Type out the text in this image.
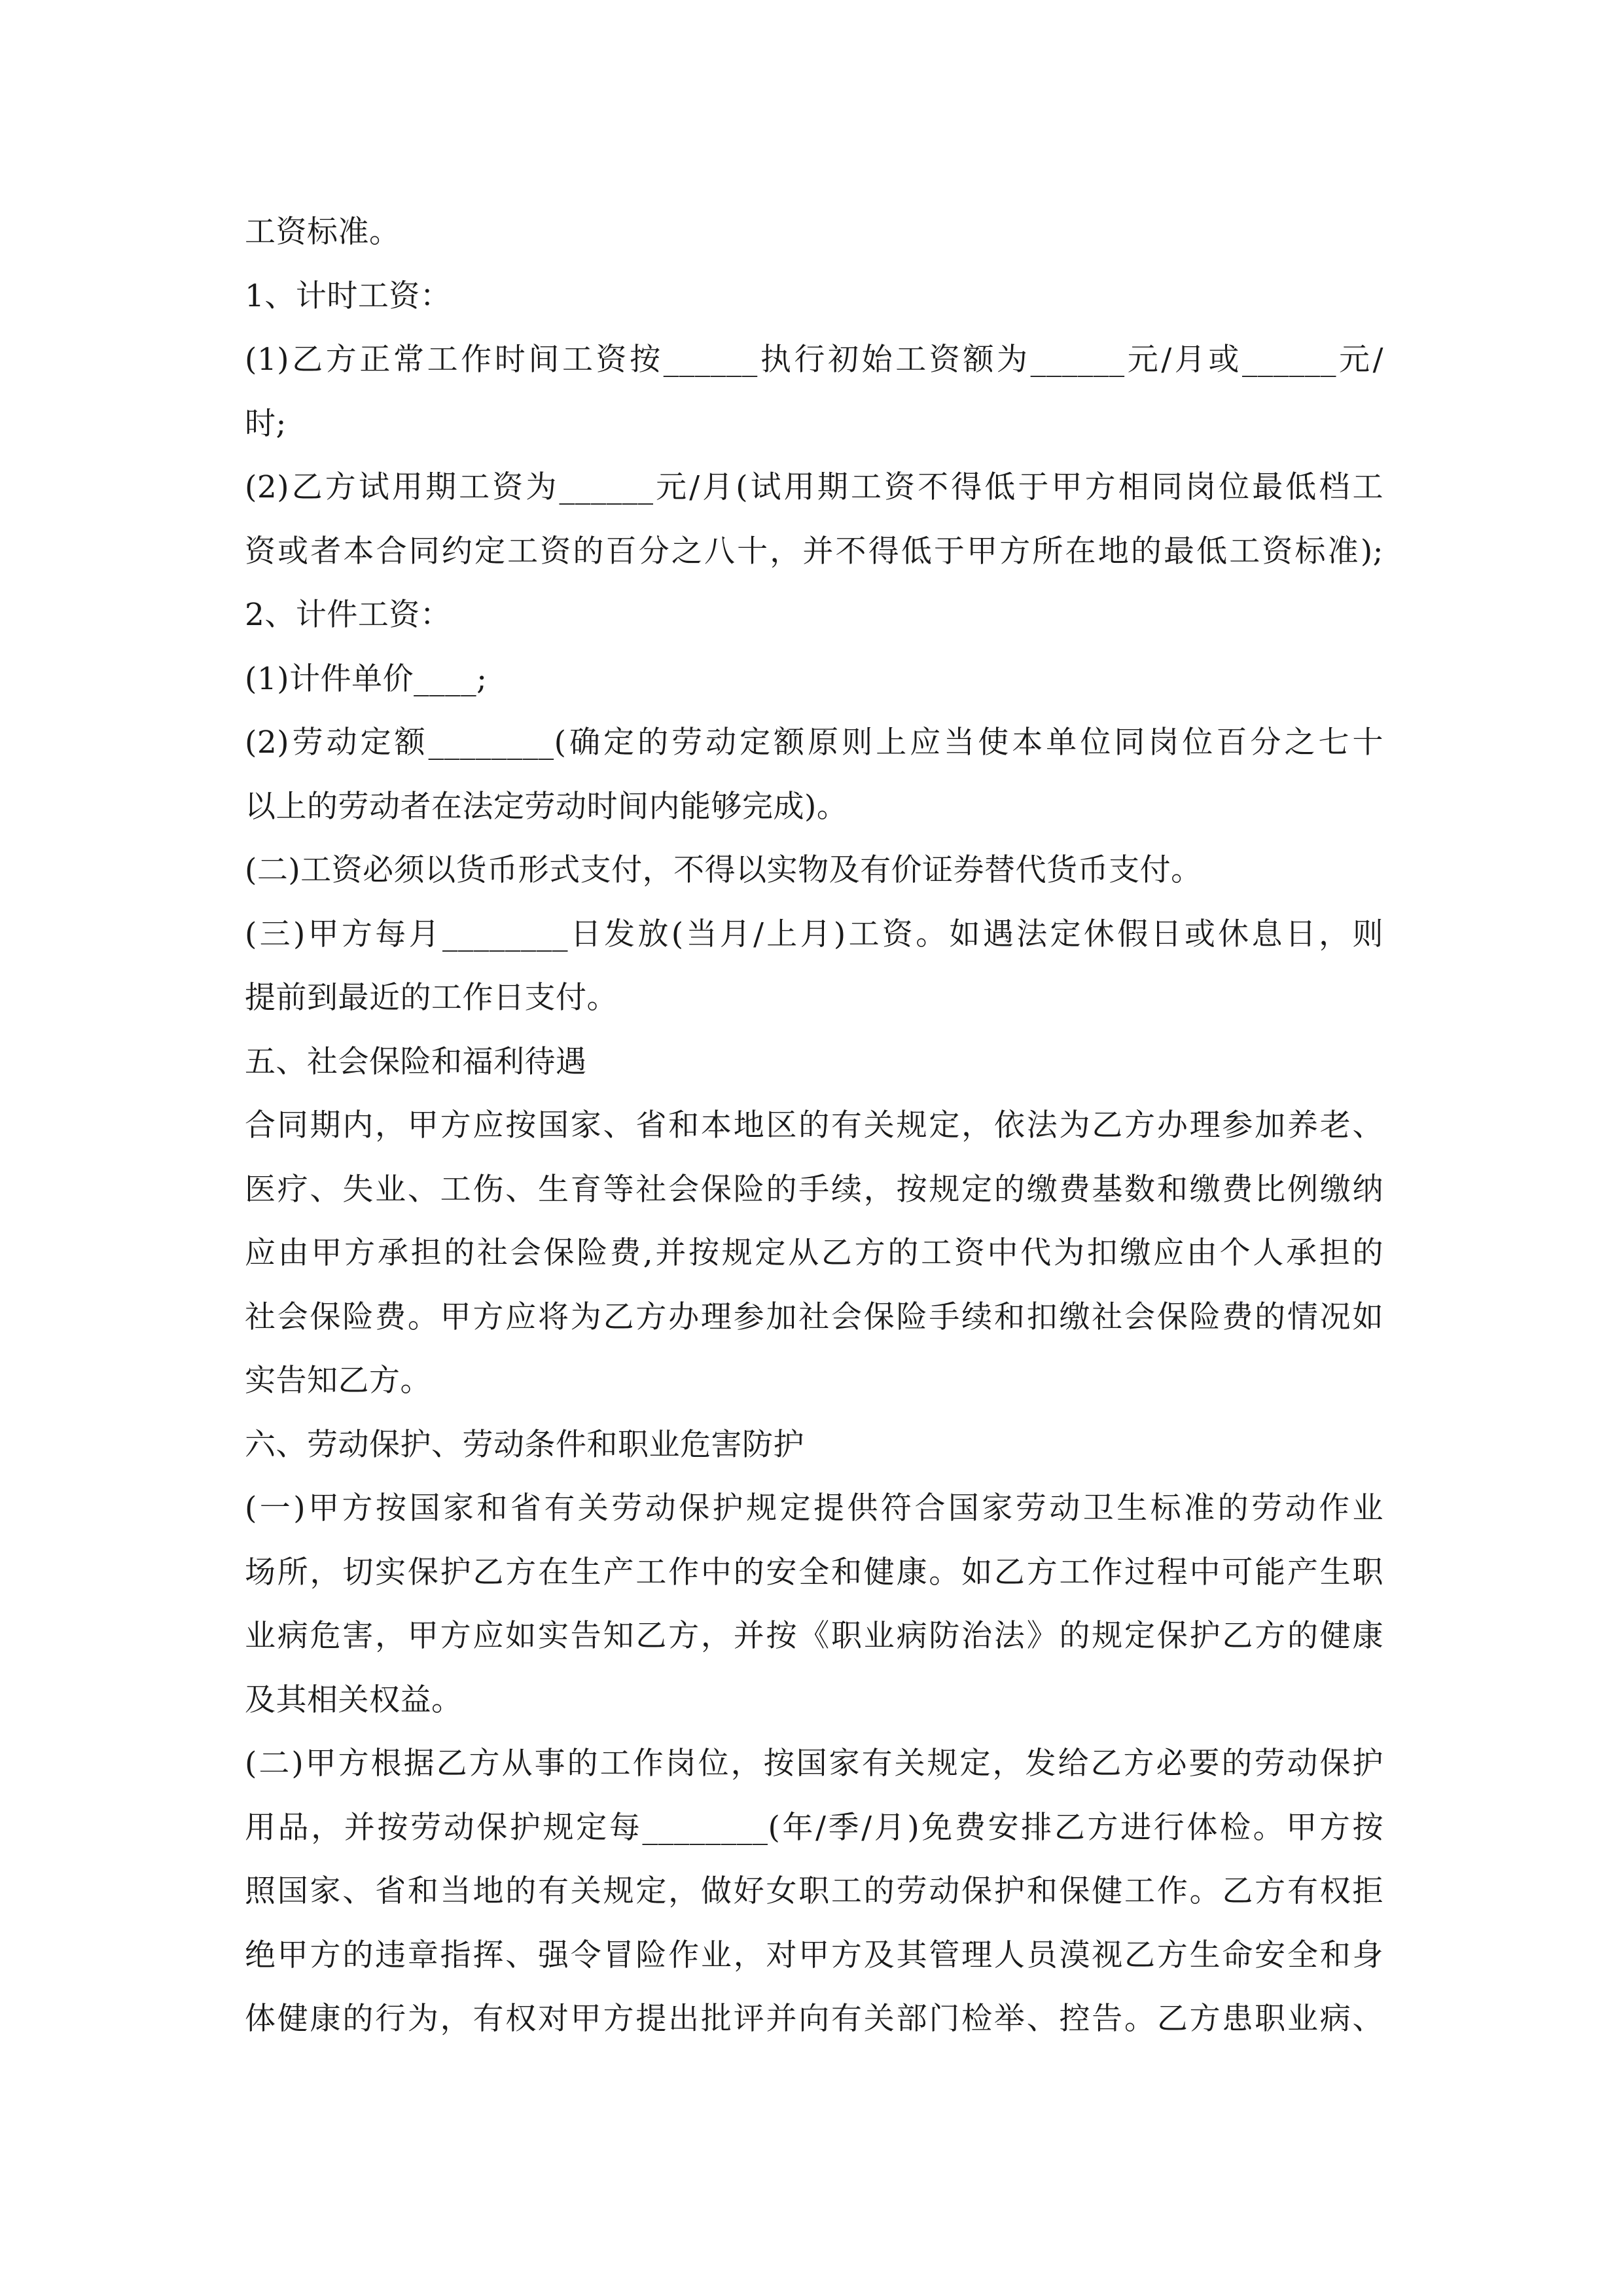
工资标准。
1、计时工资：
(1)乙方正常工作时间工资按______执行初始工资额为______元/月或______元/
时;
(2)乙方试用期工资为______元/月(试用期工资不得低于甲方相同岗位最低档工
资或者本合同约定工资的百分之八十，并不得低于甲方所在地的最低工资标准);
2、计件工资：
(1)计件单价____;
(2)劳动定额________(确定的劳动定额原则上应当使本单位同岗位百分之七十
以上的劳动者在法定劳动时间内能够完成)。
(二)工资必须以货币形式支付，不得以实物及有价证券替代货币支付。
(三)甲方每月________日发放(当月/上月)工资。如遇法定休假日或休息日，则
提前到最近的工作日支付。
五、社会保险和福利待遇
合同期内，甲方应按国家、省和本地区的有关规定，依法为乙方办理参加养老、
医疗、失业、工伤、生育等社会保险的手续，按规定的缴费基数和缴费比例缴纳
应由甲方承担的社会保险费,并按规定从乙方的工资中代为扣缴应由个人承担的
社会保险费。甲方应将为乙方办理参加社会保险手续和扣缴社会保险费的情况如
实告知乙方。
六、劳动保护、劳动条件和职业危害防护
(一)甲方按国家和省有关劳动保护规定提供符合国家劳动卫生标准的劳动作业
场所，切实保护乙方在生产工作中的安全和健康。如乙方工作过程中可能产生职
业病危害，甲方应如实告知乙方，并按《职业病防治法》的规定保护乙方的健康
及其相关权益。
(二)甲方根据乙方从事的工作岗位，按国家有关规定，发给乙方必要的劳动保护
用品，并按劳动保护规定每________(年/季/月)免费安排乙方进行体检。甲方按
照国家、省和当地的有关规定，做好女职工的劳动保护和保健工作。乙方有权拒
绝甲方的违章指挥、强令冒险作业，对甲方及其管理人员漠视乙方生命安全和身
体健康的行为，有权对甲方提出批评并向有关部门检举、控告。乙方患职业病、
